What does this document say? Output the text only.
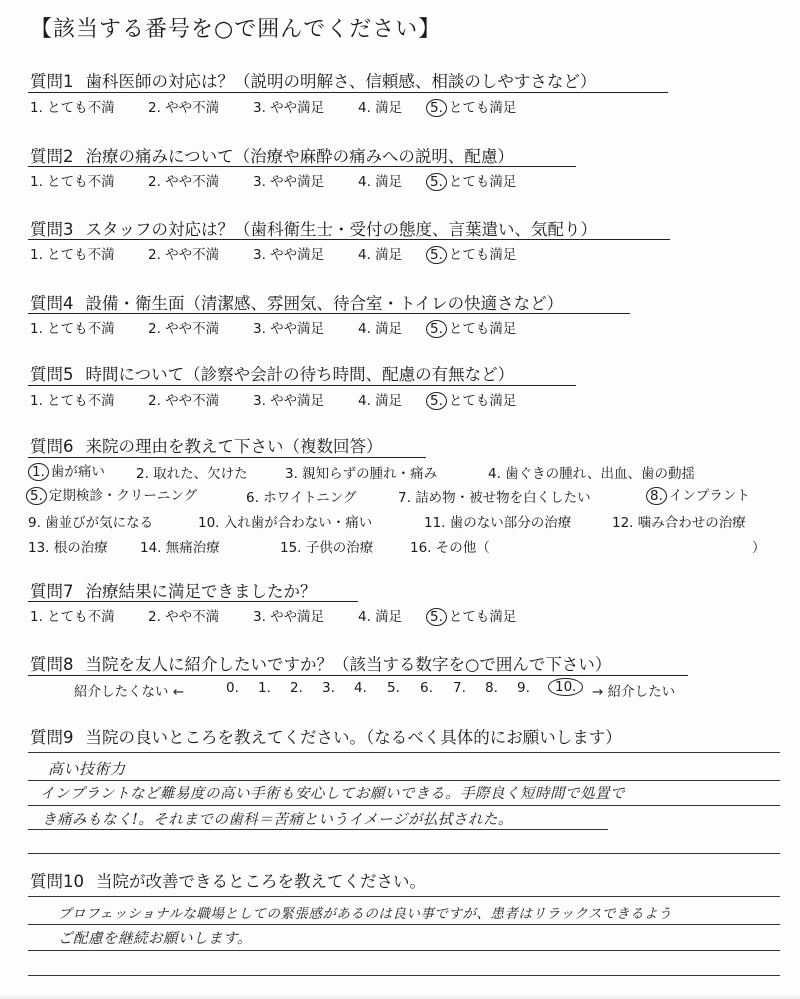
【該当する番号を○で囲んでください】
質問1 歯科医師の対応は？（説明の明解さ、信頼感、相談のしやすさなど）
1. とても不満 2. やや不満	3. やや満足	4. 満足 5. とても満足
質問2 治療の痛みについて（治療や麻酔の痛みへの説明、配慮）
1. とても不満 2. やや不満	3. やや満足	4. 満足 5. とても満足
質問3 スタッフの対応は？（歯科衛生士・受付の態度、言葉遣い、気配り）
1. とても不満 2. やや不満	3. やや満足	4. 満足 5. とても満足
質問4 設備・衛生面（清潔感、雰囲気、待合室・トイレの快適さなど）
1. とても不満 2. やや不満	3. やや満足	4. 満足 5. とても満足
質問5 時間について（診察や会計の待ち時間、配慮の有無など）
1. とても不満 2. やや不満	3. やや満足	4. 満足 5. とても満足
質問6 来院の理由を教えて下さい（複数回答）
1. 歯が痛い 2. 取れた、欠けた	3. 親知らずの腫れ・痛み	4. 歯ぐきの腫れ、出血、歯の動揺
5. 定期検診・クリーニング	6. ホワイトニング	7. 詰め物・被せ物を白くしたい	8. インプラント
9. 歯並びが気になる	10. 入れ歯が合わない・痛い	11. 歯のない部分の治療	12. 噛み合わせの治療
13. 根の治療 14. 無痛治療	15. 子供の治療	16. その他（	）
質問7 治療結果に満足できましたか？
1. とても不満 2. やや不満	3. やや満足	4. 満足 5. とても満足
質問8 当院を友人に紹介したいですか？（該当する数字を○で囲んで下さい）
紹介したくない ←	0. 1. 2. 3. 4. 5. 6. 7. 8. 9.	10.	→ 紹介したい
質問9 当院の良いところを教えてください。（なるべく具体的にお願いします）
高い技術力
インプラントなど難易度の高い手術も安心してお願いできる。手際良く短時間で処置で
き痛みもなく!。それまでの歯科＝苦痛というイメージが払拭された。
質問10 当院が改善できるところを教えてください。
プロフェッショナルな職場としての緊張感があるのは良い事ですが、患者はリラックスできるよう
ご配慮を継続お願いします。
